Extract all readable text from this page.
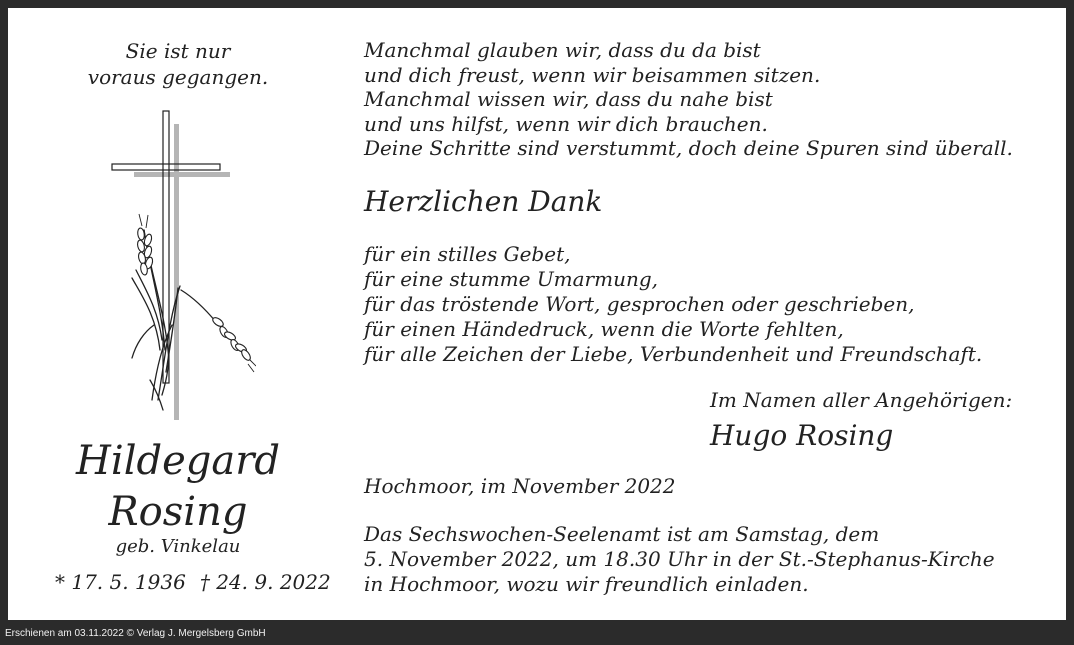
Sie ist nur
voraus gegangen.
Hildegard
Rosing
geb. Vinkelau
* 17. 5. 1936 † 24. 9. 2022
Manchmal glauben wir, dass du da bist
und dich freust, wenn wir beisammen sitzen.
Manchmal wissen wir, dass du nahe bist
und uns hilfst, wenn wir dich brauchen.
Deine Schritte sind verstummt, doch deine Spuren sind überall.
Herzlichen Dank
für ein stilles Gebet,
für eine stumme Umarmung,
für das tröstende Wort, gesprochen oder geschrieben,
für einen Händedruck, wenn die Worte fehlten,
für alle Zeichen der Liebe, Verbundenheit und Freundschaft.
Im Namen aller Angehörigen:
Hugo Rosing
Hochmoor, im November 2022
Das Sechswochen-Seelenamt ist am Samstag, dem
5. November 2022, um 18.30 Uhr in der St.-Stephanus-Kirche
in Hochmoor, wozu wir freundlich einladen.
Erschienen am 03.11.2022 © Verlag J. Mergelsberg GmbH
